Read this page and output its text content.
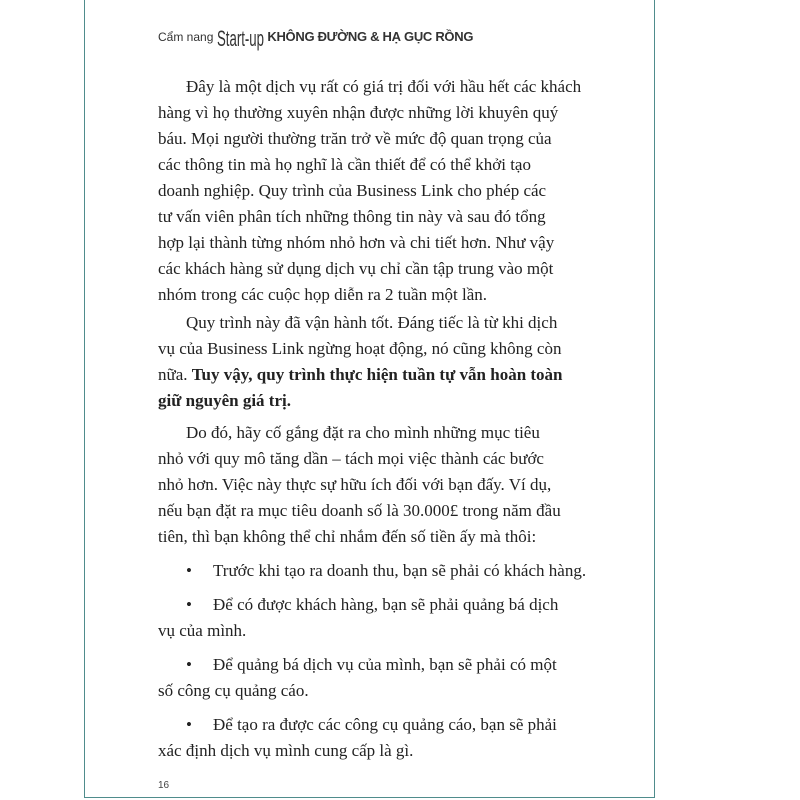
Cẩm nang Start-up KHÔNG ĐƯỜNG & HẠ GỤC RỒNG
Đây là một dịch vụ rất có giá trị đối với hầu hết các khách
hàng vì họ thường xuyên nhận được những lời khuyên quý
báu. Mọi người thường trăn trở về mức độ quan trọng của
các thông tin mà họ nghĩ là cần thiết để có thể khởi tạo
doanh nghiệp. Quy trình của Business Link cho phép các
tư vấn viên phân tích những thông tin này và sau đó tổng
hợp lại thành từng nhóm nhỏ hơn và chi tiết hơn. Như vậy
các khách hàng sử dụng dịch vụ chỉ cần tập trung vào một
nhóm trong các cuộc họp diễn ra 2 tuần một lần.
Quy trình này đã vận hành tốt. Đáng tiếc là từ khi dịch
vụ của Business Link ngừng hoạt động, nó cũng không còn
nữa. Tuy vậy, quy trình thực hiện tuần tự vẫn hoàn toàn
giữ nguyên giá trị.
Do đó, hãy cố gắng đặt ra cho mình những mục tiêu
nhỏ với quy mô tăng dần – tách mọi việc thành các bước
nhỏ hơn. Việc này thực sự hữu ích đối với bạn đấy. Ví dụ,
nếu bạn đặt ra mục tiêu doanh số là 30.000£ trong năm đầu
tiên, thì bạn không thể chỉ nhắm đến số tiền ấy mà thôi:
• Trước khi tạo ra doanh thu, bạn sẽ phải có khách hàng.
• Để có được khách hàng, bạn sẽ phải quảng bá dịch
vụ của mình.
• Để quảng bá dịch vụ của mình, bạn sẽ phải có một
số công cụ quảng cáo.
• Để tạo ra được các công cụ quảng cáo, bạn sẽ phải
xác định dịch vụ mình cung cấp là gì.
16
